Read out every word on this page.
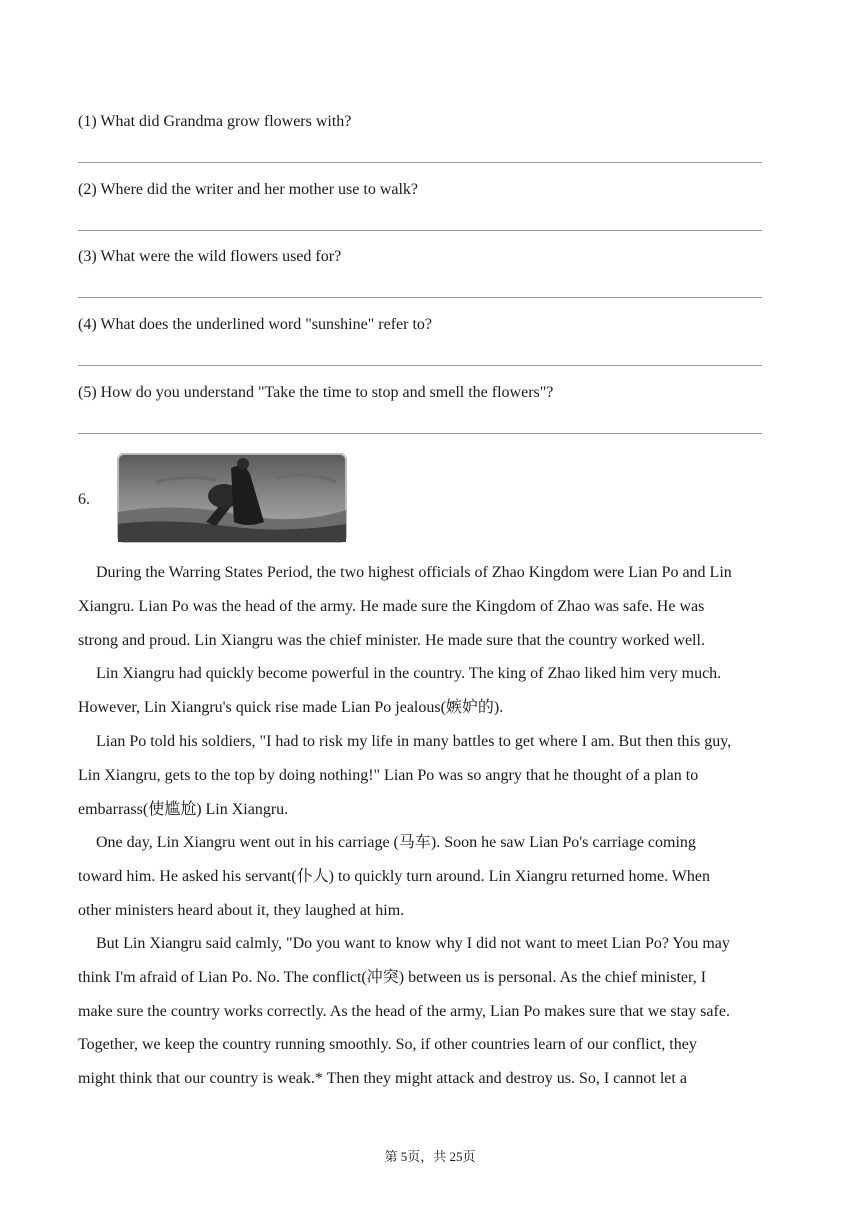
(1) What did Grandma grow flowers with?
(2) Where did the writer and her mother use to walk?
(3) What were the wild flowers used for?
(4) What does the underlined word "sunshine" refer to?
(5) How do you understand "Take the time to stop and smell the flowers"?
6.
During the Warring States Period, the two highest officials of Zhao Kingdom were Lian Po and Lin
Xiangru. Lian Po was the head of the army. He made sure the Kingdom of Zhao was safe. He was
strong and proud. Lin Xiangru was the chief minister. He made sure that the country worked well.
Lin Xiangru had quickly become powerful in the country. The king of Zhao liked him very much.
However, Lin Xiangru's quick rise made Lian Po jealous(嫉妒的).
Lian Po told his soldiers, "I had to risk my life in many battles to get where I am. But then this guy,
Lin Xiangru, gets to the top by doing nothing!" Lian Po was so angry that he thought of a plan to
embarrass(使尴尬) Lin Xiangru.
One day, Lin Xiangru went out in his carriage (马车). Soon he saw Lian Po's carriage coming
toward him. He asked his servant(仆人) to quickly turn around. Lin Xiangru returned home. When
other ministers heard about it, they laughed at him.
But Lin Xiangru said calmly, "Do you want to know why I did not want to meet Lian Po? You may
think I'm afraid of Lian Po. No. The conflict(冲突) between us is personal. As the chief minister, I
make sure the country works correctly. As the head of the army, Lian Po makes sure that we stay safe.
Together, we keep the country running smoothly. So, if other countries learn of our conflict, they
might think that our country is weak.* Then they might attack and destroy us. So, I cannot let a
第 5页，共 25页
